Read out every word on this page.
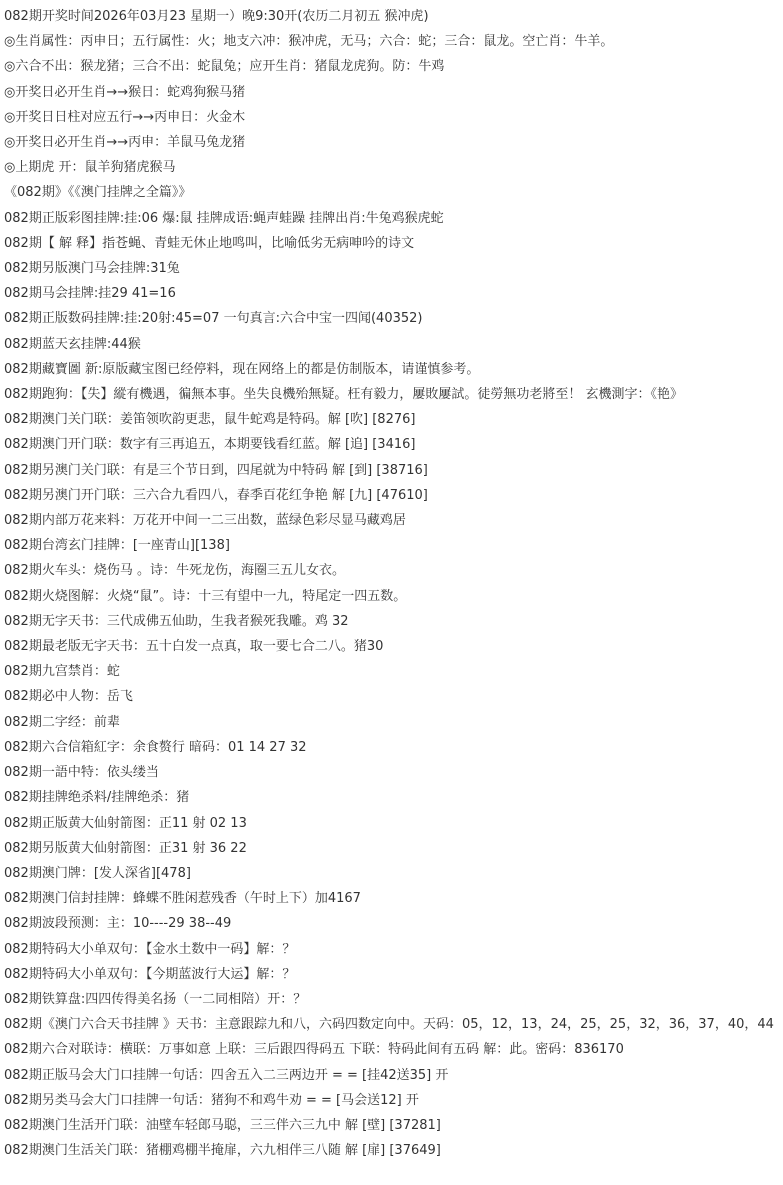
082期开奖时间2026年03月23 星期一）晚9:30开(农历二月初五 猴冲虎)
◎生肖属性：丙申日；五行属性：火；地支六冲：猴冲虎，无马；六合：蛇；三合：鼠龙。空亡肖：牛羊。
◎六合不出：猴龙猪；三合不出：蛇鼠兔；应开生肖：猪鼠龙虎狗。防：牛鸡
◎开奖日必开生肖→→猴日：蛇鸡狗猴马猪
◎开奖日日柱对应五行→→丙申日：火金木
◎开奖日必开生肖→→丙申：羊鼠马兔龙猪
◎上期虎 开：鼠羊狗猪虎猴马
《082期》《《澳门挂牌之全篇》》
082期正版彩图挂牌:挂:06 爆:鼠 挂牌成语:蝇声蛙躁 挂牌出肖:牛兔鸡猴虎蛇
082期【 解 释】指苍蝇、青蛙无休止地鸣叫，比喻低劣无病呻吟的诗文
082期另版澳门马会挂牌:31兔
082期马会挂牌:挂29 41=16
082期正版数码挂牌:挂:20射:45=07 一句真言:六合中宝一四闻(40352)
082期蓝天玄挂牌:44猴
082期藏寶圖 新:原版藏宝图已经停料，现在网络上的都是仿制版本，请谨慎参考。
082期跑狗：【失】縱有機遇，徧無本事。坐失良機殆無疑。枉有毅力，屢敗屢試。徒勞無功老將至！ 玄機測字：《艳》
082期澳门关门联：姜笛领吹韵更悲，鼠牛蛇鸡是特码。解 [吹] [8276]
082期澳门开门联：数字有三再追五，本期要钱看红蓝。解 [追] [3416]
082期另澳门关门联：有是三个节日到，四尾就为中特码 解 [到] [38716]
082期另澳门开门联：三六合九看四八，春季百花红争艳 解 [九] [47610]
082期内部万花来料：万花开中间一二三出数，蓝绿色彩尽显马藏鸡居
082期台湾玄门挂牌：[一座青山][138]
082期火车头：烧伤马 。诗：牛死龙伤，海圈三五儿女衣。
082期火烧图解：火烧“鼠”。诗：十三有望中一九，特尾定一四五数。
082期无字天书：三代成佛五仙助，生我者猴死我雕。鸡 32
082期最老版无字天书：五十白发一点真，取一要七合二八。猪30
082期九宫禁肖：蛇
082期必中人物：岳飞
082期二字经：前辈
082期六合信箱紅字：余食赘行 暗码：01 14 27 32
082期一語中特：依头缕当
082期挂牌绝杀料/挂牌绝杀：猪
082期正版黄大仙射箭图：正11 射 02 13
082期另版黄大仙射箭图：正31 射 36 22
082期澳门牌：[发人深省][478]
082期澳门信封挂牌：蜂蝶不胜闲惹残香（午时上下）加4167
082期波段预测：主：10----29 38--49
082期特码大小单双句：【金水土数中一码】解：？
082期特码大小单双句：【今期蓝波行大运】解：？
082期铁算盘:四四传得美名扬（一二同相陪）开：？
082期《澳门六合天书挂牌 》天书：主意跟踪九和八，六码四数定向中。天码：05，12，13，24，25，25，32，36，37，40，44
082期六合对联诗：横联：万事如意 上联：三后跟四得码五 下联：特码此间有五码 解：此。密码：836170
082期正版马会大门口挂牌一句话：四舍五入二三两边开 = = [挂42送35] 开
082期另类马会大门口挂牌一句话：猪狗不和鸡牛劝 = = [马会送12] 开
082期澳门生活开门联：油壁车轻郎马聪，三三伴六三九中 解 [壁] [37281]
082期澳门生活关门联：猪棚鸡棚半掩扉，六九相伴三八随 解 [扉] [37649]
